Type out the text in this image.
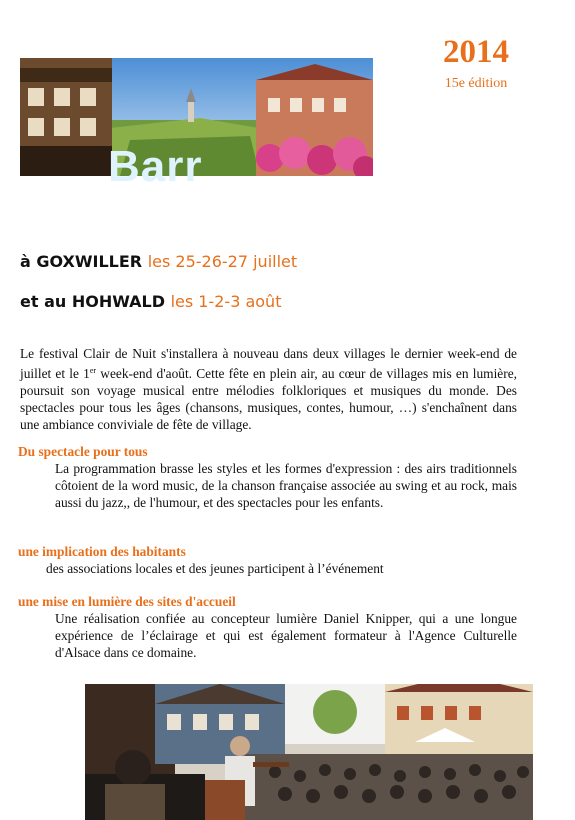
2014
15e édition
Barr
à GOXWILLER les 25-26-27 juillet
et au HOHWALD les 1-2-3 août

Le festival Clair de Nuit s'installera à nouveau dans deux villages le dernier week-end de juillet et le 1er week-end d'août. Cette fête en plein air, au cœur de villages mis en lumière, poursuit son voyage musical entre mélodies folkloriques et musiques du monde. Des spectacles pour tous les âges (chansons, musiques, contes, humour, …) s'enchaînent dans une ambiance conviviale de fête de village.

Du spectacle pour tous

La programmation brasse les styles et les formes d'expression : des airs traditionnels côtoient de la word music, de la chanson française associée au swing et au rock, mais aussi du jazz,, de l'humour, et des spectacles pour les enfants.

une implication des habitants

des associations locales et des jeunes participent à l’événement

une mise en lumière des sites d'accueil

Une réalisation confiée au concepteur lumière Daniel Knipper, qui a une longue expérience de l’éclairage et qui est également formateur à l'Agence Culturelle d'Alsace dans ce domaine.
